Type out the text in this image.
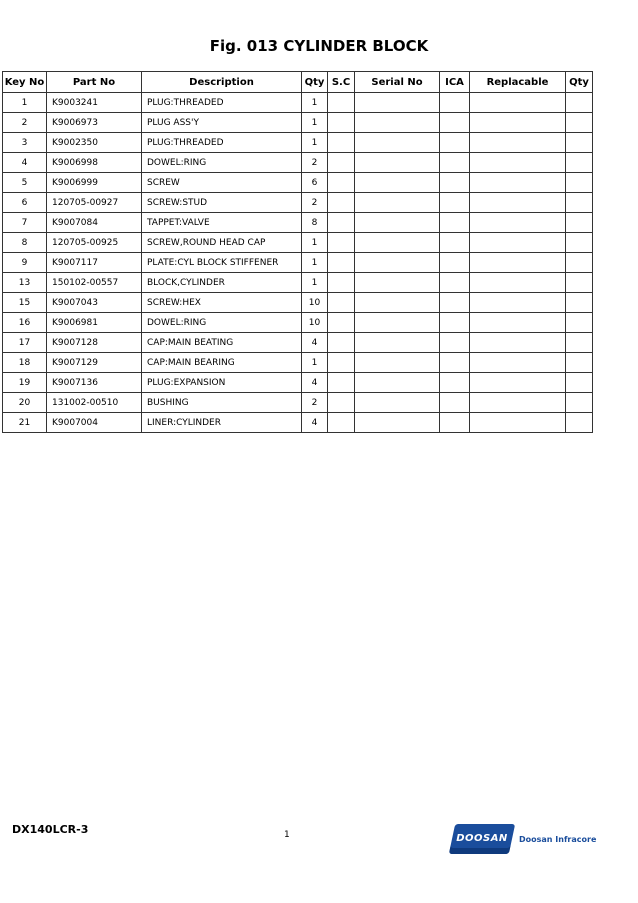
Fig. 013 CYLINDER BLOCK
Key No	Part No	Description	Qty	S.C	Serial No	ICA	Replacable	Qty
1	K9003241	PLUG:THREADED	1					
2	K9006973	PLUG ASS'Y	1					
3	K9002350	PLUG:THREADED	1					
4	K9006998	DOWEL:RING	2					
5	K9006999	SCREW	6					
6	120705-00927	SCREW:STUD	2					
7	K9007084	TAPPET:VALVE	8					
8	120705-00925	SCREW,ROUND HEAD CAP	1					
9	K9007117	PLATE:CYL BLOCK STIFFENER	1					
13	150102-00557	BLOCK,CYLINDER	1					
15	K9007043	SCREW:HEX	10					
16	K9006981	DOWEL:RING	10					
17	K9007128	CAP:MAIN BEATING	4					
18	K9007129	CAP:MAIN BEARING	1					
19	K9007136	PLUG:EXPANSION	4					
20	131002-00510	BUSHING	2					
21	K9007004	LINER:CYLINDER	4					
DX140LCR-3	1	DOOSAN	Doosan Infracore
